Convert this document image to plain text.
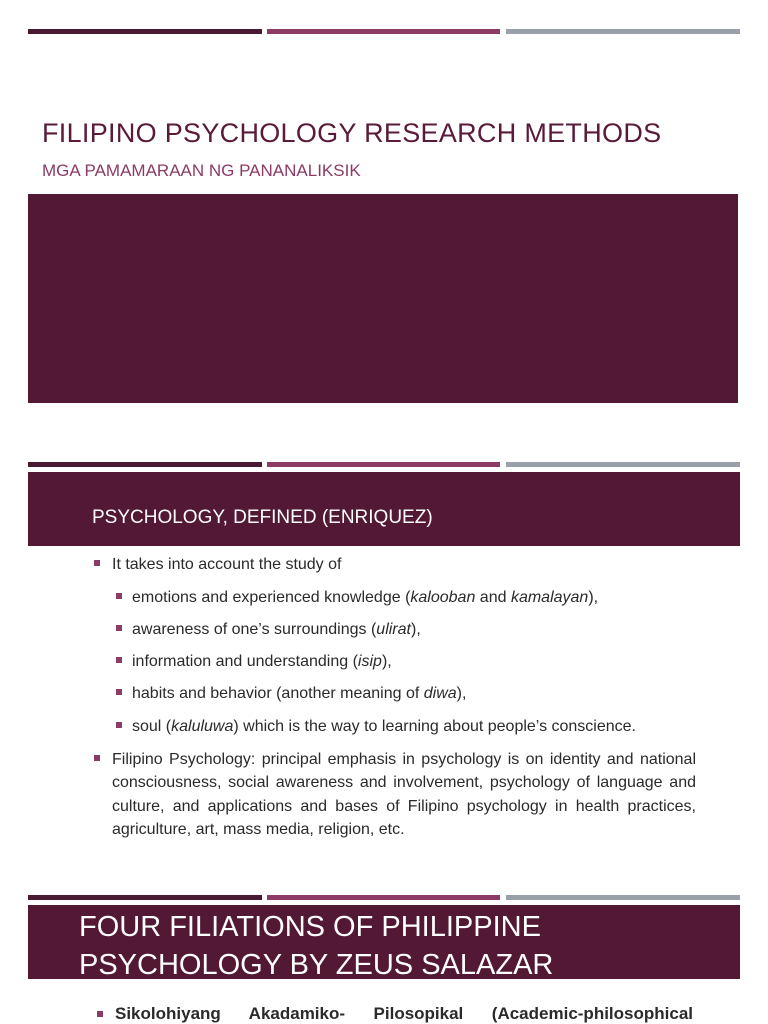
FILIPINO PSYCHOLOGY RESEARCH METHODS

MGA PAMAMARAAN NG PANANALIKSIK

PSYCHOLOGY, DEFINED (ENRIQUEZ)
It takes into account the study of
emotions and experienced knowledge (kalooban and kamalayan),
awareness of one’s surroundings (ulirat),
information and understanding (isip),
habits and behavior (another meaning of diwa),
soul (kaluluwa) which is the way to learning about people’s conscience.
Filipino Psychology: principal emphasis in psychology is on identity and national consciousness, social awareness and involvement, psychology of language and culture, and applications and bases of Filipino psychology in health practices, agriculture, art, mass media, religion, etc.
FOUR FILIATIONS OF PHILIPPINE
PSYCHOLOGY BY ZEUS SALAZAR
Sikolohiyang Akadamiko- Pilosopikal (Academic-philosophical
